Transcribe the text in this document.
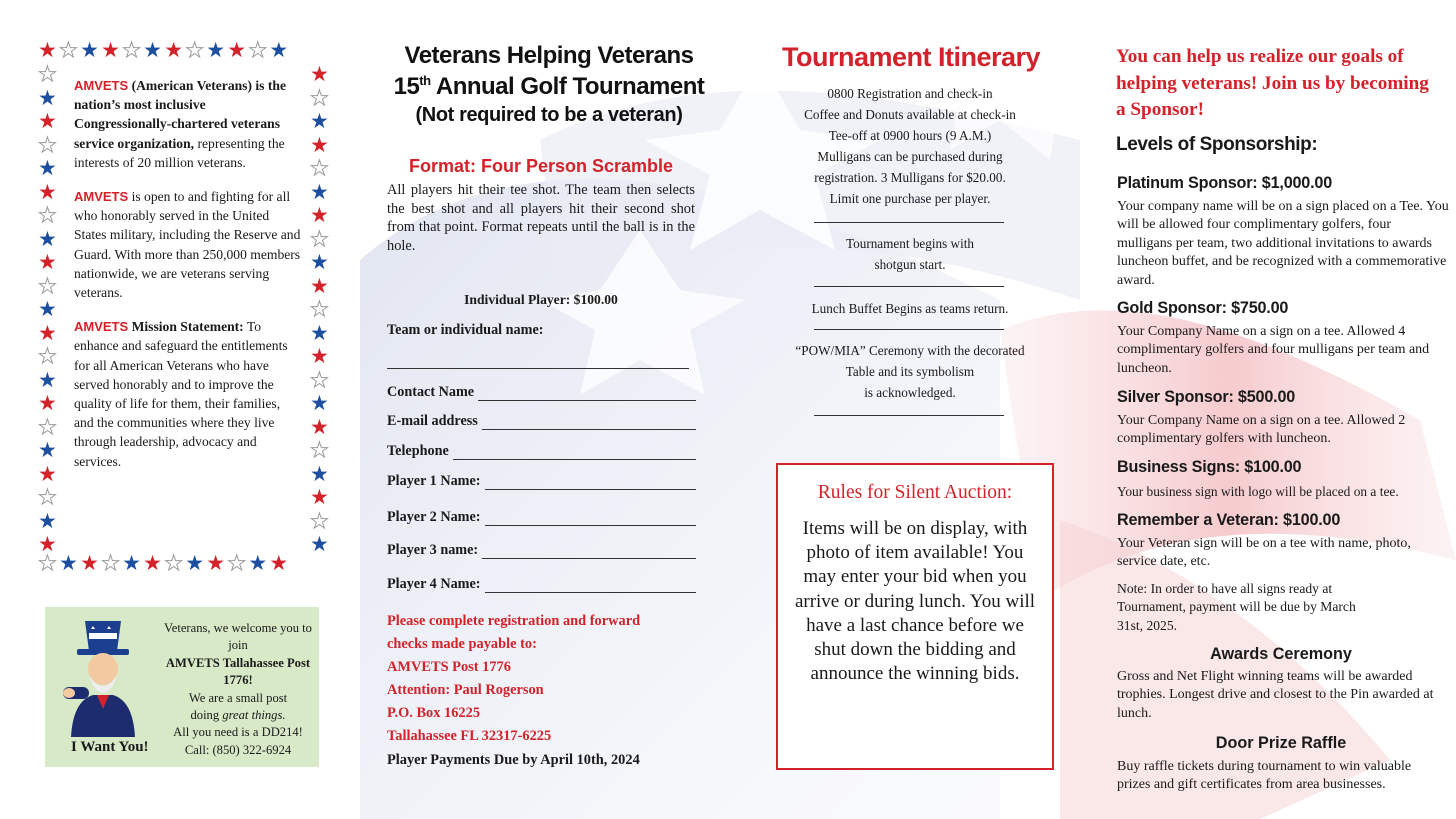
★ ★ ★ ★ ★ ★ ★ ★ ★ ★ ★ ★
★ ★ ★ ★ ★ ★ ★ ★ ★ ★ ★ ★
★
★
★
★
★
★
★
★
★
★
★
★
★
★
★
★
★
★
★
★
★
★
★
★
★
★
★
★
★
★
★
★
★
★
★
★
★
★
★
★
★
★

AMVETS (American Veterans) is the nation’s most inclusive Congressionally-chartered veterans service organization, representing the interests of 20 million veterans.

AMVETS is open to and fighting for all who honorably served in the United States military, including the Reserve and Guard. With more than 250,000 members nationwide, we are veterans serving veterans.

AMVETS Mission Statement: To enhance and safeguard the entitlements for all American Veterans who have served honorably and to improve the quality of life for them, their families, and the communities where they live through leadership, advocacy and services.

I Want You!
Veterans, we welcome you to join
AMVETS Tallahassee Post 1776!
We are a small post
doing great things.
All you need is a DD214!
Call: (850) 322-6924
Veterans Helping Veterans
15th Annual Golf Tournament
(Not required to be a veteran)
Format: Four Person Scramble
All players hit their tee shot. The team then selects the best shot and all players hit their second shot from that point. Format repeats until the ball is in the hole.
Individual Player: $100.00
Team or individual name:
Contact Name
E-mail address
Telephone
Player 1 Name:
Player 2 Name:
Player 3 name:
Player 4 Name:
Please complete registration and forward
checks made payable to:
AMVETS Post 1776
Attention: Paul Rogerson
P.O. Box 16225
Tallahassee FL 32317-6225
Player Payments Due by April 10th, 2024
Tournament Itinerary
0800 Registration and check-in
Coffee and Donuts available at check-in
Tee-off at 0900 hours (9 A.M.)
Mulligans can be purchased during
registration. 3 Mulligans for $20.00.
Limit one purchase per player.
Tournament begins with
shotgun start.
Lunch Buffet Begins as teams return.
“POW/MIA” Ceremony with the decorated
Table and its symbolism
is acknowledged.
Rules for Silent Auction:
Items will be on display, with photo of item available! You may enter your bid when you arrive or during lunch. You will have a last chance before we shut down the bidding and announce the winning bids.
You can help us realize our goals of helping veterans! Join us by becoming a Sponsor!
Levels of Sponsorship:
Platinum Sponsor: $1,000.00
Your company name will be on a sign placed on a Tee. You will be allowed four complimentary golfers, four mulligans per team, two additional invitations to awards luncheon buffet, and be recognized with a commemorative award.
Gold Sponsor: $750.00
Your Company Name on a sign on a tee. Allowed 4 complimentary golfers and four mulligans per team and luncheon.
Silver Sponsor: $500.00
Your Company Name on a sign on a tee. Allowed 2 complimentary golfers with luncheon.
Business Signs: $100.00
Your business sign with logo will be placed on a tee.
Remember a Veteran: $100.00
Your Veteran sign will be on a tee with name, photo, service date, etc.
Note: In order to have all signs ready at Tournament, payment will be due by March 31st, 2025.
Awards Ceremony
Gross and Net Flight winning teams will be awarded trophies. Longest drive and closest to the Pin awarded at lunch.
Door Prize Raffle
Buy raffle tickets during tournament to win valuable prizes and gift certificates from area businesses.
